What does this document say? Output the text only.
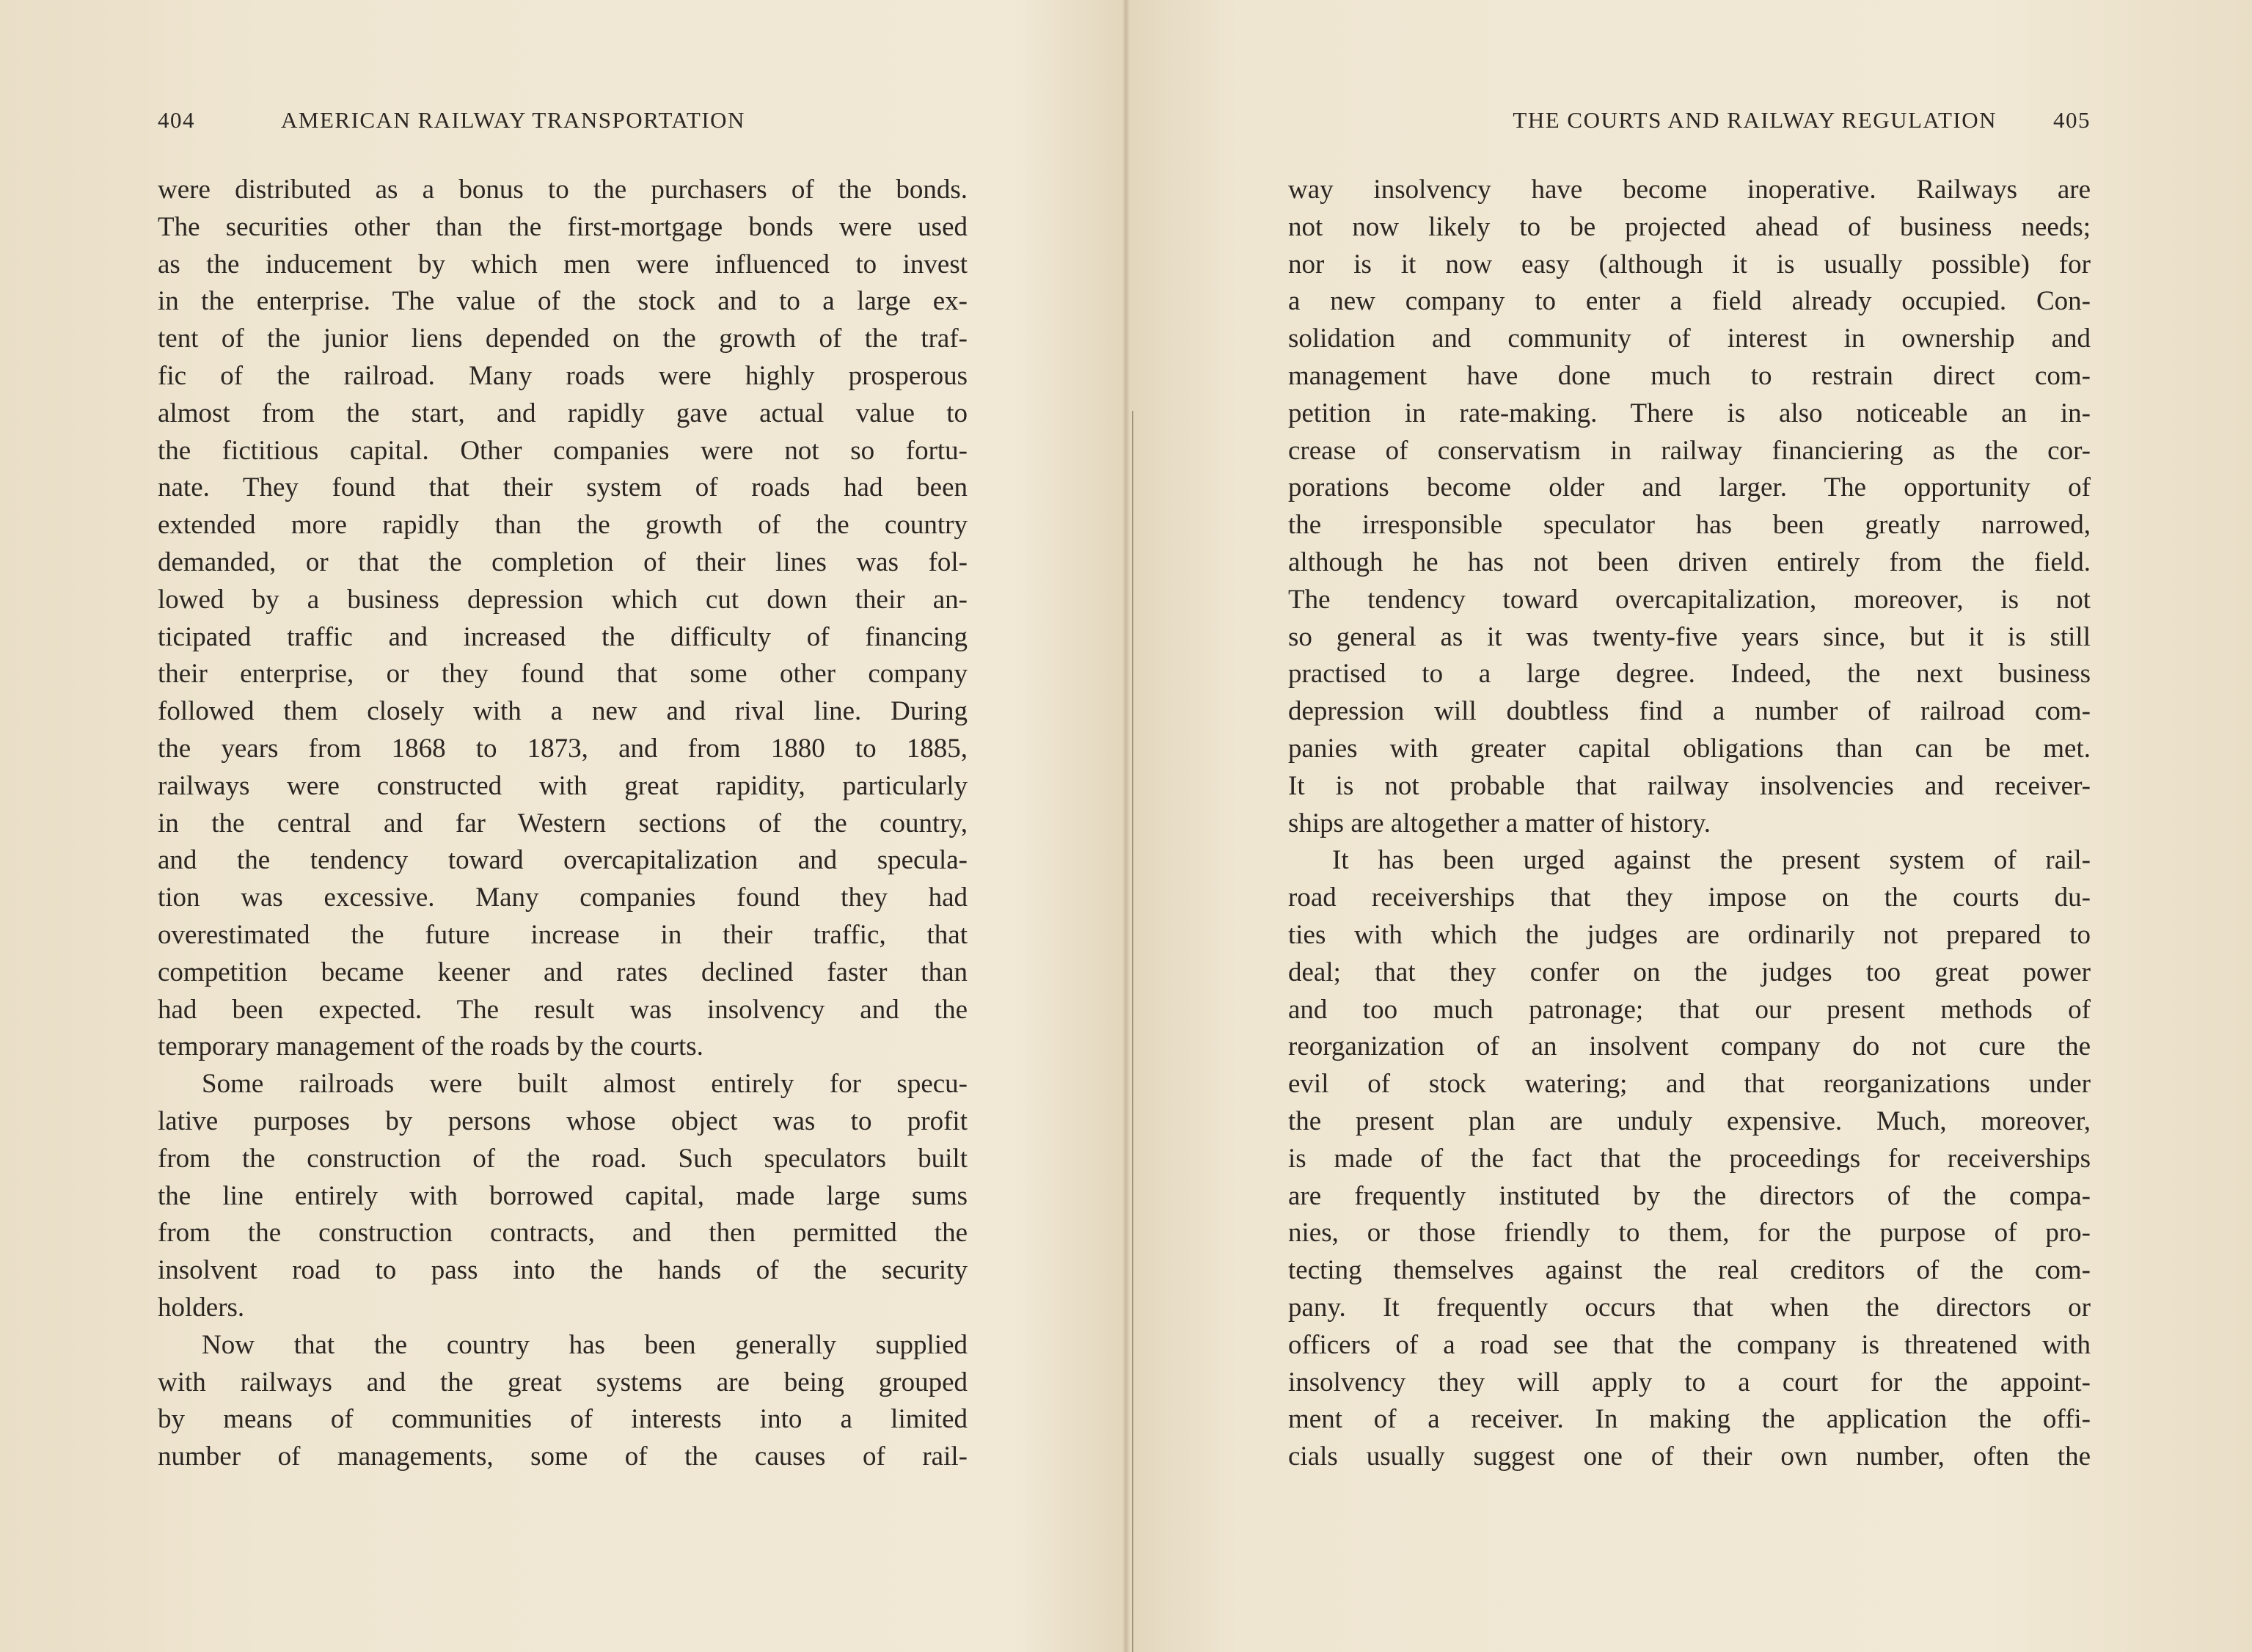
404	AMERICAN RAILWAY TRANSPORTATION
were distributed as a bonus to the purchasers of the bonds.
The securities other than the first-mortgage bonds were used
as the inducement by which men were influenced to invest
in the enterprise. The value of the stock and to a large ex-
tent of the junior liens depended on the growth of the traf-
fic of the railroad. Many roads were highly prosperous
almost from the start, and rapidly gave actual value to
the fictitious capital. Other companies were not so fortu-
nate. They found that their system of roads had been
extended more rapidly than the growth of the country
demanded, or that the completion of their lines was fol-
lowed by a business depression which cut down their an-
ticipated traffic and increased the difficulty of financing
their enterprise, or they found that some other company
followed them closely with a new and rival line. During
the years from 1868 to 1873, and from 1880 to 1885,
railways were constructed with great rapidity, particularly
in the central and far Western sections of the country,
and the tendency toward overcapitalization and specula-
tion was excessive. Many companies found they had
overestimated the future increase in their traffic, that
competition became keener and rates declined faster than
had been expected. The result was insolvency and the
temporary management of the roads by the courts.
Some railroads were built almost entirely for specu-
lative purposes by persons whose object was to profit
from the construction of the road. Such speculators built
the line entirely with borrowed capital, made large sums
from the construction contracts, and then permitted the
insolvent road to pass into the hands of the security
holders.
Now that the country has been generally supplied
with railways and the great systems are being grouped
by means of communities of interests into a limited
number of managements, some of the causes of rail-
THE COURTS AND RAILWAY REGULATION 405
way insolvency have become inoperative. Railways are
not now likely to be projected ahead of business needs;
nor is it now easy (although it is usually possible) for
a new company to enter a field already occupied. Con-
solidation and community of interest in ownership and
management have done much to restrain direct com-
petition in rate-making. There is also noticeable an in-
crease of conservatism in railway financiering as the cor-
porations become older and larger. The opportunity of
the irresponsible speculator has been greatly narrowed,
although he has not been driven entirely from the field.
The tendency toward overcapitalization, moreover, is not
so general as it was twenty-five years since, but it is still
practised to a large degree. Indeed, the next business
depression will doubtless find a number of railroad com-
panies with greater capital obligations than can be met.
It is not probable that railway insolvencies and receiver-
ships are altogether a matter of history.
It has been urged against the present system of rail-
road receiverships that they impose on the courts du-
ties with which the judges are ordinarily not prepared to
deal; that they confer on the judges too great power
and too much patronage; that our present methods of
reorganization of an insolvent company do not cure the
evil of stock watering; and that reorganizations under
the present plan are unduly expensive. Much, moreover,
is made of the fact that the proceedings for receiverships
are frequently instituted by the directors of the compa-
nies, or those friendly to them, for the purpose of pro-
tecting themselves against the real creditors of the com-
pany. It frequently occurs that when the directors or
officers of a road see that the company is threatened with
insolvency they will apply to a court for the appoint-
ment of a receiver. In making the application the offi-
cials usually suggest one of their own number, often the
